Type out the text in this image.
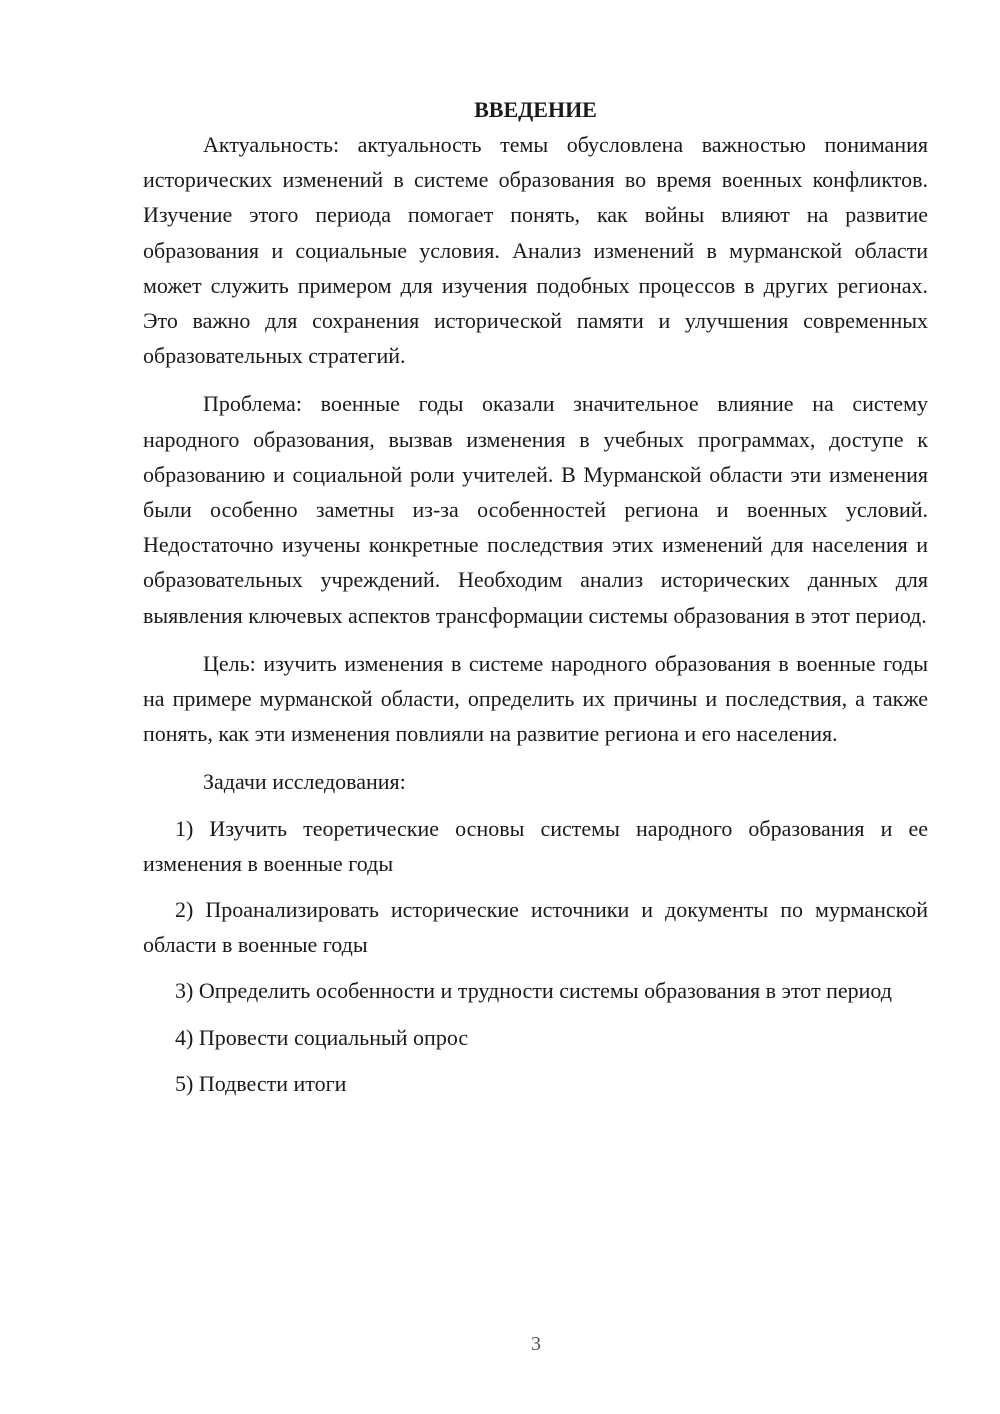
ВВЕДЕНИЕ

Актуальность: актуальность темы обусловлена важностью понимания исторических изменений в системе образования во время военных конфликтов. Изучение этого периода помогает понять, как войны влияют на развитие образования и социальные условия. Анализ изменений в мурманской области может служить примером для изучения подобных процессов в других регионах. Это важно для сохранения исторической памяти и улучшения современных образовательных стратегий.

Проблема: военные годы оказали значительное влияние на систему народного образования, вызвав изменения в учебных программах, доступе к образованию и социальной роли учителей. В Мурманской области эти изменения были особенно заметны из-за особенностей региона и военных условий. Недостаточно изучены конкретные последствия этих изменений для населения и образовательных учреждений. Необходим анализ исторических данных для выявления ключевых аспектов трансформации системы образования в этот период.

Цель: изучить изменения в системе народного образования в военные годы на примере мурманской области, определить их причины и последствия, а также понять, как эти изменения повлияли на развитие региона и его населения.

Задачи исследования:

1) Изучить теоретические основы системы народного образования и ее изменения в военные годы

2) Проанализировать исторические источники и документы по мурманской области в военные годы

3) Определить особенности и трудности системы образования в этот период

4) Провести социальный опрос

5) Подвести итоги

3
